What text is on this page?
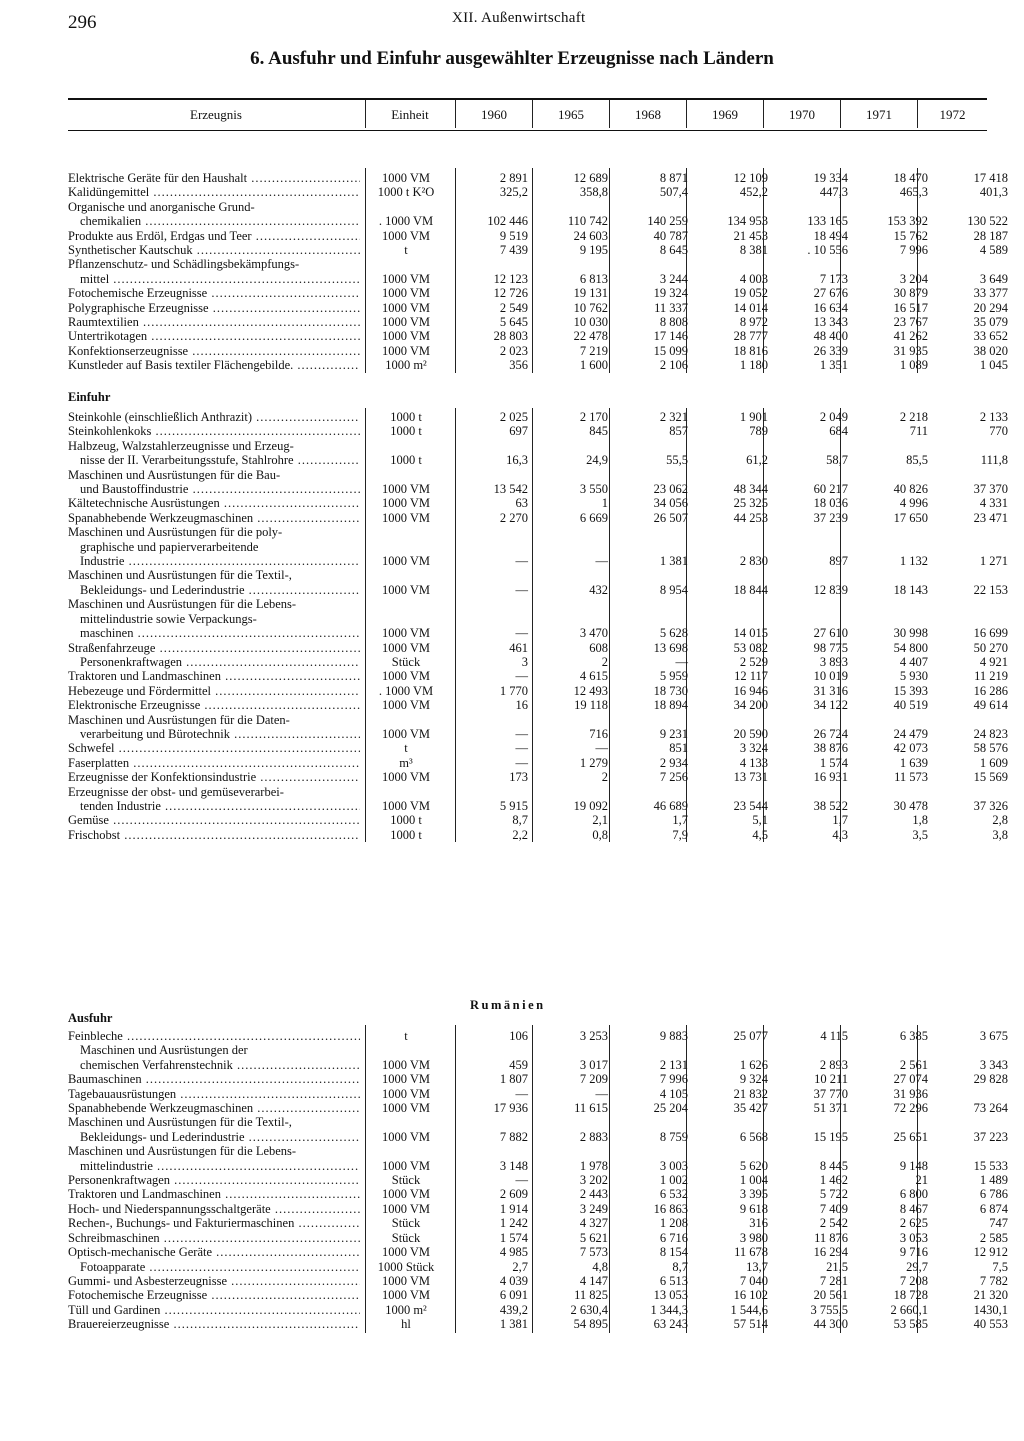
296	XII. Außenwirtschaft
6. Ausfuhr und Einfuhr ausgewählter Erzeugnisse nach Ländern
Erzeugnis	Einheit	1960	1965	1968	1969	1970	1971	1972
Elektrische Geräte für den Haushalt .....	1000 VM	2 891	12 689	8 871	12 109	19 334	18 470	17 418

Kalidüngemittel .....	1000 t K²O	325,2	358,8	507,4	452,2	447,3	465,3	401,3

Organische und anorganische Grund-								

chemikalien .....	. 1000 VM	102 446	110 742	140 259	134 953	133 165	153 392	130 522

Produkte aus Erdöl, Erdgas und Teer .....	1000 VM	9 519	24 603	40 787	21 453	18 494	15 762	28 187

Synthetischer Kautschuk .....	t	7 439	9 195	8 645	8 381	. 10 556	7 996	4 589

Pflanzenschutz- und Schädlingsbekämpfungs-								

mittel .....	1000 VM	12 123	6 813	3 244	4 003	7 173	3 204	3 649

Fotochemische Erzeugnisse .....	1000 VM	12 726	19 131	19 324	19 052	27 676	30 879	33 377

Polygraphische Erzeugnisse .....	1000 VM	2 549	10 762	11 337	14 014	16 634	16 517	20 294

Raumtextilien .....	1000 VM	5 645	10 030	8 808	8 972	13 343	23 767	35 079

Untertrikotagen .....	1000 VM	28 803	22 478	17 146	28 777	48 400	41 262	33 652

Konfektionserzeugnisse .....	1000 VM	2 023	7 219	15 099	18 816	26 339	31 935	38 020

Kunstleder auf Basis textiler Flächengebilde. .....	1000 m²	356	1 600	2 106	1 180	1 351	1 089	1 045
Einfuhr
Steinkohle (einschließlich Anthrazit) .....	1000 t	2 025	2 170	2 321	1 901	2 049	2 218	2 133

Steinkohlenkoks .....	1000 t	697	845	857	789	684	711	770

Halbzeug, Walzstahlerzeugnisse und Erzeug-								

nisse der II. Verarbeitungsstufe, Stahlrohre .....	1000 t	16,3	24,9	55,5	61,2	58,7	85,5	111,8

Maschinen und Ausrüstungen für die Bau-								

und Baustoffindustrie .....	1000 VM	13 542	3 550	23 062	48 344	60 217	40 826	37 370

Kältetechnische Ausrüstungen .....	1000 VM	63	1	34 056	25 325	18 036	4 996	4 331

Spanabhebende Werkzeugmaschinen .....	1000 VM	2 270	6 669	26 507	44 253	37 239	17 650	23 471

Maschinen und Ausrüstungen für die poly-								

graphische und papierverarbeitende								

Industrie .....	1000 VM	—	—	1 381	2 830	897	1 132	1 271

Maschinen und Ausrüstungen für die Textil-,								

Bekleidungs- und Lederindustrie .....	1000 VM	—	432	8 954	18 844	12 839	18 143	22 153

Maschinen und Ausrüstungen für die Lebens-								

mittelindustrie sowie Verpackungs-								

maschinen .....	1000 VM	—	3 470	5 628	14 015	27 610	30 998	16 699

Straßenfahrzeuge .....	1000 VM	461	608	13 698	53 082	98 775	54 800	50 270

Personenkraftwagen .....	Stück	3	2	—	2 529	3 893	4 407	4 921

Traktoren und Landmaschinen .....	1000 VM	—	4 615	5 959	12 117	10 019	5 930	11 219

Hebezeuge und Fördermittel .....	. 1000 VM	1 770	12 493	18 730	16 946	31 316	15 393	16 286

Elektronische Erzeugnisse .....	1000 VM	16	19 118	18 894	34 200	34 122	40 519	49 614

Maschinen und Ausrüstungen für die Daten-								

verarbeitung und Bürotechnik .....	1000 VM	—	716	9 231	20 590	26 724	24 479	24 823

Schwefel .....	t	—	—	851	3 324	38 876	42 073	58 576

Faserplatten .....	m³	—	1 279	2 934	4 133	1 574	1 639	1 609

Erzeugnisse der Konfektionsindustrie .....	1000 VM	173	2	7 256	13 731	16 931	11 573	15 569

Erzeugnisse der obst- und gemüseverarbei-								

tenden Industrie .....	1000 VM	5 915	19 092	46 689	23 544	38 522	30 478	37 326

Gemüse .....	1000 t	8,7	2,1	1,7	5,1	1,7	1,8	2,8

Frischobst .....	1000 t	2,2	0,8	7,9	4,5	4,3	3,5	3,8
Rumänien
Ausfuhr
Feinbleche .....	t	106	3 253	9 883	25 077	4 115	6 385	3 675

Maschinen und Ausrüstungen der								

chemischen Verfahrenstechnik .....	1000 VM	459	3 017	2 131	1 626	2 893	2 561	3 343

Baumaschinen .....	1000 VM	1 807	7 209	7 996	9 324	10 211	27 074	29 828

Tagebauausrüstungen .....	1000 VM	—	—	4 105	21 832	37 770	31 936	

Spanabhebende Werkzeugmaschinen .....	1000 VM	17 936	11 615	25 204	35 427	51 371	72 296	73 264

Maschinen und Ausrüstungen für die Textil-,								

Bekleidungs- und Lederindustrie .....	1000 VM	7 882	2 883	8 759	6 568	15 195	25 651	37 223

Maschinen und Ausrüstungen für die Lebens-								

mittelindustrie .....	1000 VM	3 148	1 978	3 003	5 620	8 445	9 148	15 533

Personenkraftwagen .....	Stück	—	3 202	1 002	1 004	1 462	21	1 489

Traktoren und Landmaschinen .....	1000 VM	2 609	2 443	6 532	3 395	5 722	6 800	6 786

Hoch- und Niederspannungsschaltgeräte .....	1000 VM	1 914	3 249	16 863	9 618	7 409	8 467	6 874

Rechen-, Buchungs- und Fakturiermaschinen .....	Stück	1 242	4 327	1 208	316	2 542	2 625	747

Schreibmaschinen .....	Stück	1 574	5 621	6 716	3 980	11 876	3 053	2 585

Optisch-mechanische Geräte .....	1000 VM	4 985	7 573	8 154	11 678	16 294	9 716	12 912

Fotoapparate .....	1000 Stück	2,7	4,8	8,7	13,7	21,5	29,7	7,5

Gummi- und Asbesterzeugnisse .....	1000 VM	4 039	4 147	6 513	7 040	7 281	7 208	7 782

Fotochemische Erzeugnisse .....	1000 VM	6 091	11 825	13 053	16 102	20 561	18 728	21 320

Tüll und Gardinen .....	1000 m²	439,2	2 630,4	1 344,3	1 544,6	3 755,5	2 660,1	1430,1

Brauereierzeugnisse .....	hl	1 381	54 895	63 243	57 514	44 300	53 585	40 553
